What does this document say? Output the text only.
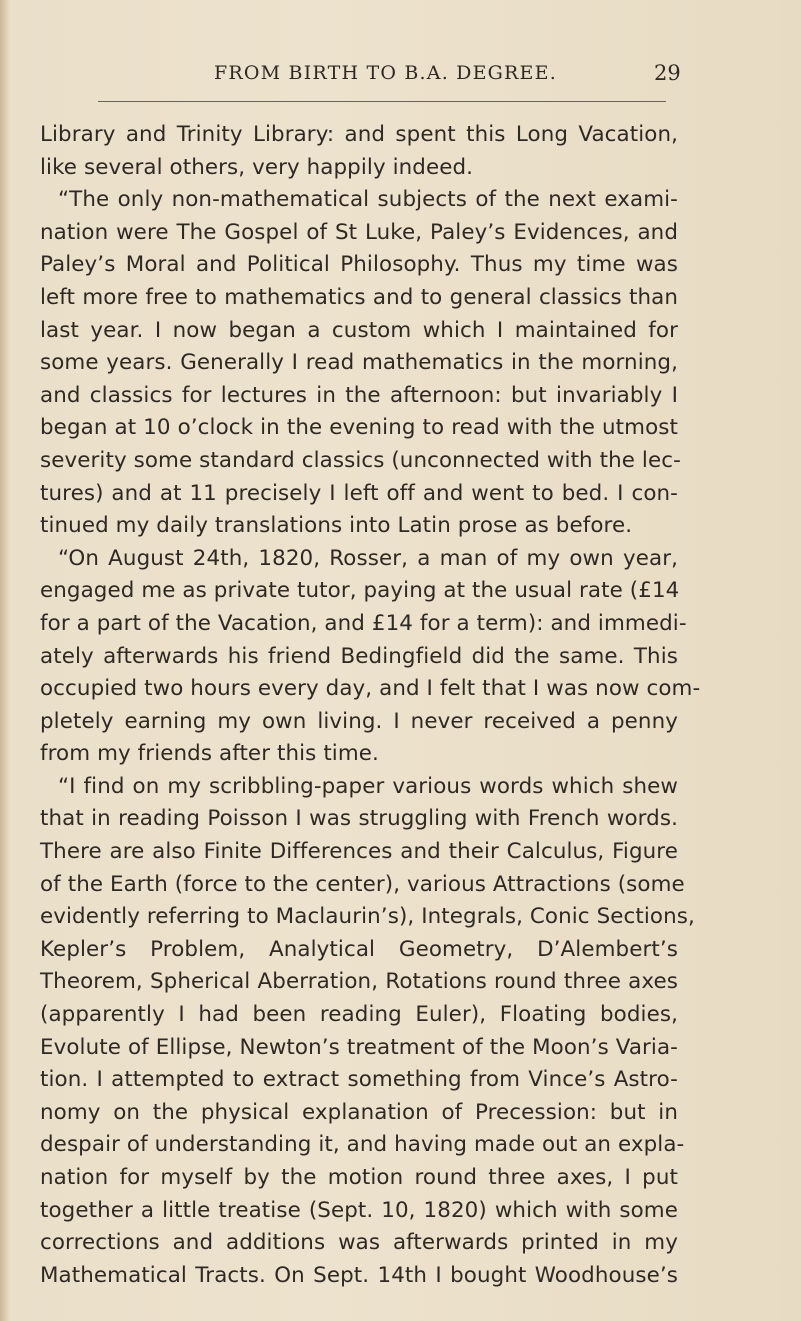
FROM BIRTH TO B.A. DEGREE.	29
Library and Trinity Library: and spent this Long Vacation,
like several others, very happily indeed.
“The only non-mathematical subjects of the next exami-
nation were The Gospel of St Luke, Paley’s Evidences, and
Paley’s Moral and Political Philosophy. Thus my time was
left more free to mathematics and to general classics than
last year. I now began a custom which I maintained for
some years. Generally I read mathematics in the morning,
and classics for lectures in the afternoon: but invariably I
began at 10 o’clock in the evening to read with the utmost
severity some standard classics (unconnected with the lec-
tures) and at 11 precisely I left off and went to bed. I con-
tinued my daily translations into Latin prose as before.
“On August 24th, 1820, Rosser, a man of my own year,
engaged me as private tutor, paying at the usual rate (£14
for a part of the Vacation, and £14 for a term): and immedi-
ately afterwards his friend Bedingfield did the same. This
occupied two hours every day, and I felt that I was now com-
pletely earning my own living. I never received a penny
from my friends after this time.
“I find on my scribbling-paper various words which shew
that in reading Poisson I was struggling with French words.
There are also Finite Differences and their Calculus, Figure
of the Earth (force to the center), various Attractions (some
evidently referring to Maclaurin’s), Integrals, Conic Sections,
Kepler’s Problem, Analytical Geometry, D’Alembert’s
Theorem, Spherical Aberration, Rotations round three axes
(apparently I had been reading Euler), Floating bodies,
Evolute of Ellipse, Newton’s treatment of the Moon’s Varia-
tion. I attempted to extract something from Vince’s Astro-
nomy on the physical explanation of Precession: but in
despair of understanding it, and having made out an expla-
nation for myself by the motion round three axes, I put
together a little treatise (Sept. 10, 1820) which with some
corrections and additions was afterwards printed in my
Mathematical Tracts. On Sept. 14th I bought Woodhouse’s
